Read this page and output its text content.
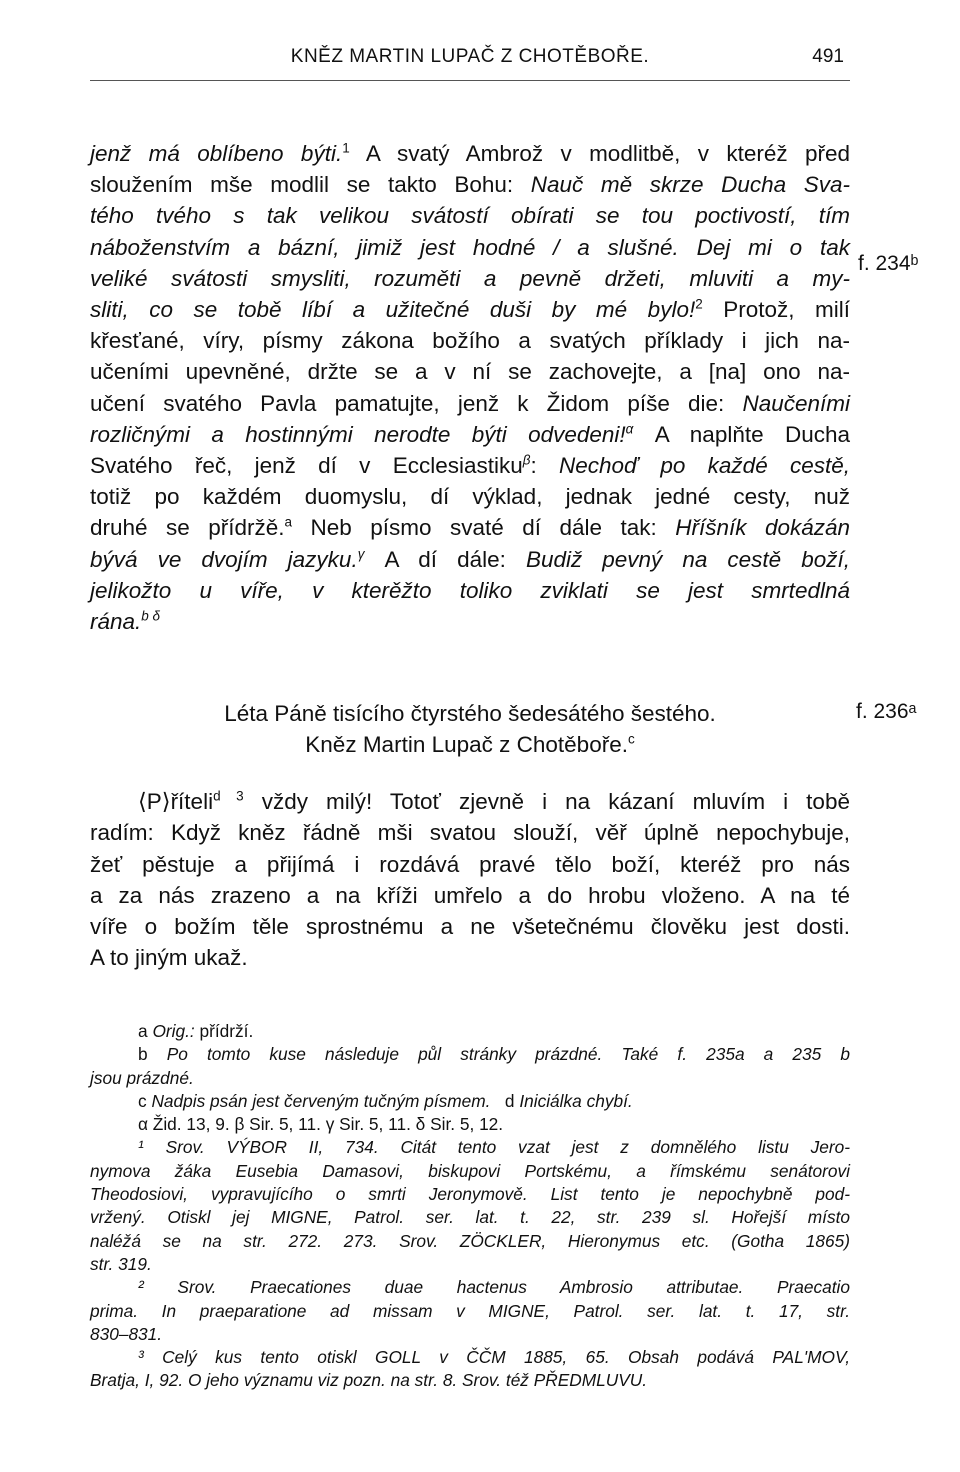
KNĚZ MARTIN LUPAČ Z CHOTĚBOŘE.	491
jenž má oblíbeno býti.$^1$ A svatý Ambrož v modlitbě, v kteréž před
sloužením mše modlil se takto Bohu: Nauč mě skrze Ducha Sva-
tého tvého s tak velikou svátostí obírati se tou poctivostí, tím
náboženstvím a bázní, jimiž jest hodné / a slušné. Dej mi o tak
veliké svátosti smysliti, rozuměti a pevně držeti, mluviti a my-
sliti, co se tobě líbí a užitečné duši by mé bylo!$^2$ Protož, milí
křesťané, víry, písmy zákona božího a svatých příklady i jich na-
učeními upevněné, držte se a v ní se zachovejte, a [na] ono na-
učení svatého Pavla pamatujte, jenž k Židom píše die: Naučeními
rozličnými a hostinnými nerodte býti odvedeni!$^\alpha$ A naplňte Ducha
Svatého řeč, jenž dí v Ecclesiastiku$^\beta$: Nechoď po každé cestě,
totiž po každém duomyslu, dí výklad, jednak jedné cesty, nuž
druhé se přídržě.$^a$ Neb písmo svaté dí dále tak: Hříšník dokázán
bývá ve dvojím jazyku.$^\gamma$ A dí dále: Budiž pevný na cestě boží,
jelikožto u víře, v kterěžto toliko zviklati se jest smrtedlná
rána.$^{b \delta}$
f. 234ᵇ
f. 236ᵃ
Léta Páně tisícího čtyrstého šedesátého šestého.
Kněz Martin Lupač z Chotěboře.$^c$
⟨P⟩říteli$^{d 3}$ vždy milý! Totoť zjevně i na kázaní mluvím i tobě
radím: Když kněz řádně mši svatou slouží, věř úplně nepochybuje,
žeť pěstuje a přijímá i rozdává pravé tělo boží, kteréž pro nás
a za nás zrazeno a na kříži umřelo a do hrobu vloženo. A na té
víře o božím těle sprostnému a ne všetečnému člověku jest dosti.
A to jiným ukaž.
a Orig.: přídrží.
b Po tomto kuse následuje půl stránky prázdné. Také f. 235a a 235 b
jsou prázdné.
c Nadpis psán jest červeným tučným písmem. d Iniciálka chybí.
α Žid. 13, 9. β Sir. 5, 11. γ Sir. 5, 11. δ Sir. 5, 12.
¹ Srov. VÝBOR II, 734. Citát tento vzat jest z domnělého listu Jero-
nymova žáka Eusebia Damasovi, biskupovi Portskému, a římskému senátorovi
Theodosiovi, vypravujícího o smrti Jeronymově. List tento je nepochybně pod-
vržený. Otiskl jej MIGNE, Patrol. ser. lat. t. 22, str. 239 sl. Hořejší místo
naléžá se na str. 272. 273. Srov. ZÖCKLER, Hieronymus etc. (Gotha 1865)
str. 319.
² Srov. Praecationes duae hactenus Ambrosio attributae. Praecatio
prima. In praeparatione ad missam v MIGNE, Patrol. ser. lat. t. 17, str.
830–831.
³ Celý kus tento otiskl GOLL v ČČM 1885, 65. Obsah podává PAL'MOV,
Bratja, I, 92. O jeho významu viz pozn. na str. 8. Srov. též PŘEDMLUVU.
